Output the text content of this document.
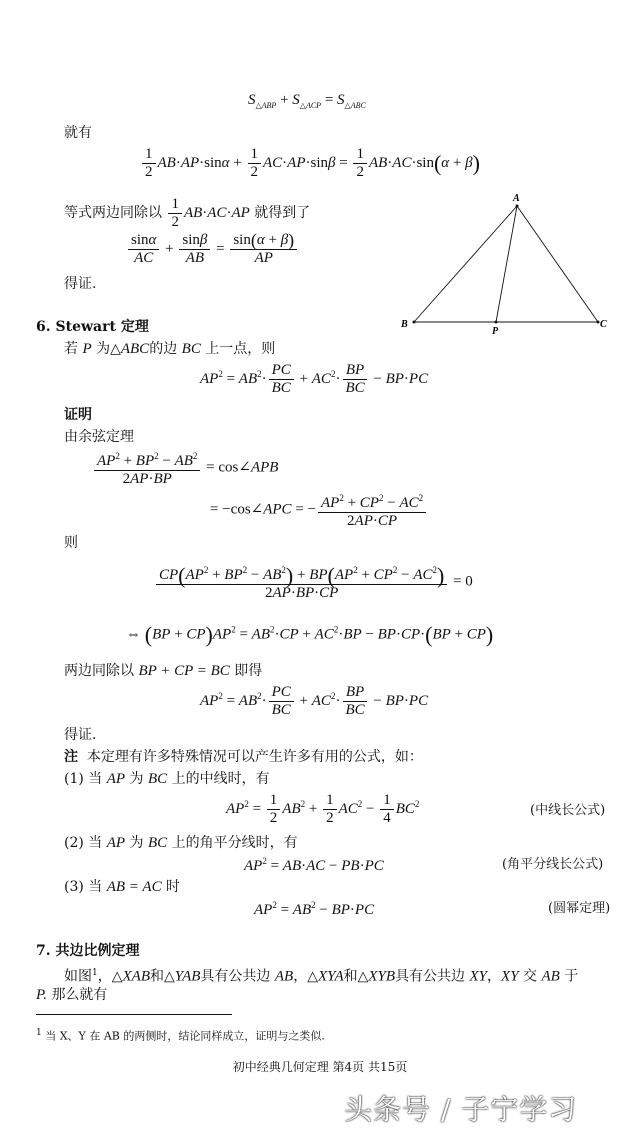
$S_{\triangle ABP} + S_{\triangle ACP} = S_{\triangle ABC}$
就有
$\frac{1}{2} AB\cdot AP\cdot\sin\alpha + \frac{1}{2} AC\cdot AP\cdot\sin\beta = \frac{1}{2} AB\cdot AC\cdot\sin(\alpha + \beta)$
等式两边同除以 $\frac{1}{2} AB\cdot AC\cdot AP$ 就得到了
$\frac{\sin\alpha}{AC} + \frac{\sin\beta}{AB} = \frac{\sin(\alpha + \beta)}{AP}$
得证.
A
B	C
P
6. Stewart 定理
若 P 为△ABC的边 BC 上一点，则
$AP^2 = AB^2\cdot \frac{PC}{BC} + AC^2\cdot \frac{BP}{BC} - BP\cdot PC$
证明
由余弦定理
$\frac{AP^2 + BP^2 - AB^2}{2AP\cdot BP}$ = cos∠APB
= −cos∠APC = − $\frac{AP^2 + CP^2 - AC^2}{2AP\cdot CP}$
则
$\frac{CP(AP^2 + BP^2 - AB^2) + BP(AP^2 + CP^2 - AC^2)}{2AP\cdot BP\cdot CP} = 0$
⇔ $(BP + CP)AP^2 = AB^2\cdot CP + AC^2\cdot BP - BP\cdot CP\cdot(BP + CP)$
两边同除以 BP + CP = BC 即得
$AP^2 = AB^2\cdot \frac{PC}{BC} + AC^2\cdot \frac{BP}{BC} - BP\cdot PC$
得证.
注 本定理有许多特殊情况可以产生许多有用的公式，如：
(1) 当 AP 为 BC 上的中线时，有
$AP^2 = \frac{1}{2} AB^2 + \frac{1}{2} AC^2 - \frac{1}{4} BC^2$	(中线长公式)
(2) 当 AP 为 BC 上的角平分线时，有
$AP^2 = AB\cdot AC - PB\cdot PC$	(角平分线长公式)
(3) 当 AB = AC 时
$AP^2 = AB^2 - BP\cdot PC$	(圆幂定理)
7. 共边比例定理
如图$^1$，△XAB和△YAB具有公共边 AB，△XYA和△XYB具有公共边 XY，XY 交 AB 于
P. 那么就有
$^1$ 当 X、Y 在 AB 的两侧时，结论同样成立，证明与之类似.
初中经典几何定理 第4页 共15页
头条号 / 子宁学习
